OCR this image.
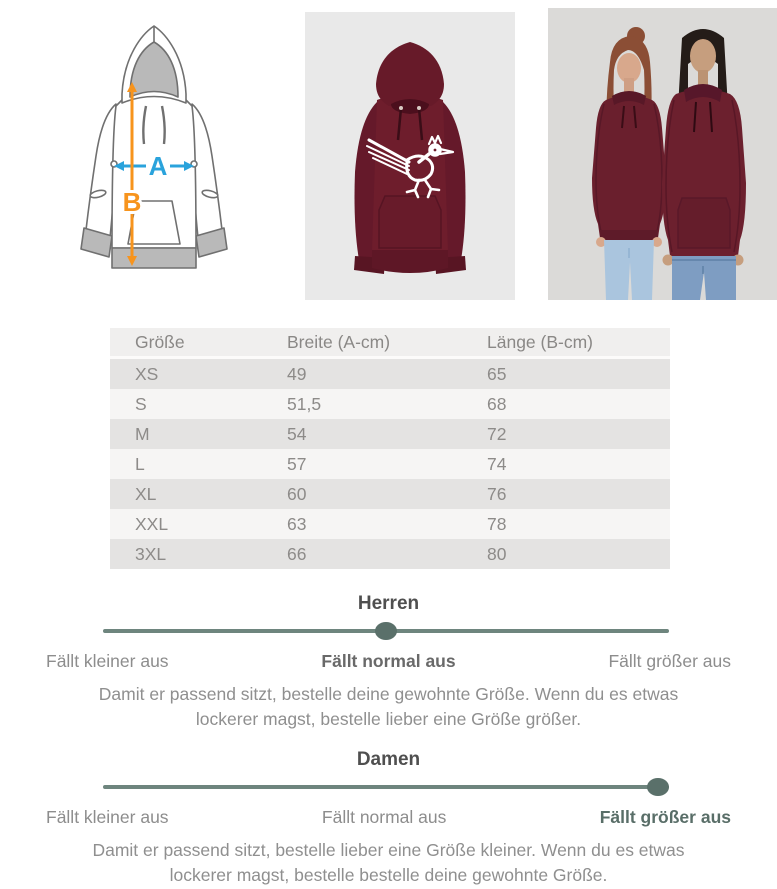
A
B
Größe	Breite (A-cm)	Länge (B-cm)
XS	49	65
S	51,5	68
M	54	72
L	57	74
XL	60	76
XXL	63	78
3XL	66	80
Herren
Fällt kleiner aus	Fällt normal aus	Fällt größer aus

Damit er passend sitzt, bestelle deine gewohnte Größe. Wenn du es etwas lockerer magst, bestelle lieber eine Größe größer.

Damen
Fällt kleiner aus	Fällt normal aus	Fällt größer aus

Damit er passend sitzt, bestelle lieber eine Größe kleiner. Wenn du es etwas lockerer magst, bestelle bestelle deine gewohnte Größe.
